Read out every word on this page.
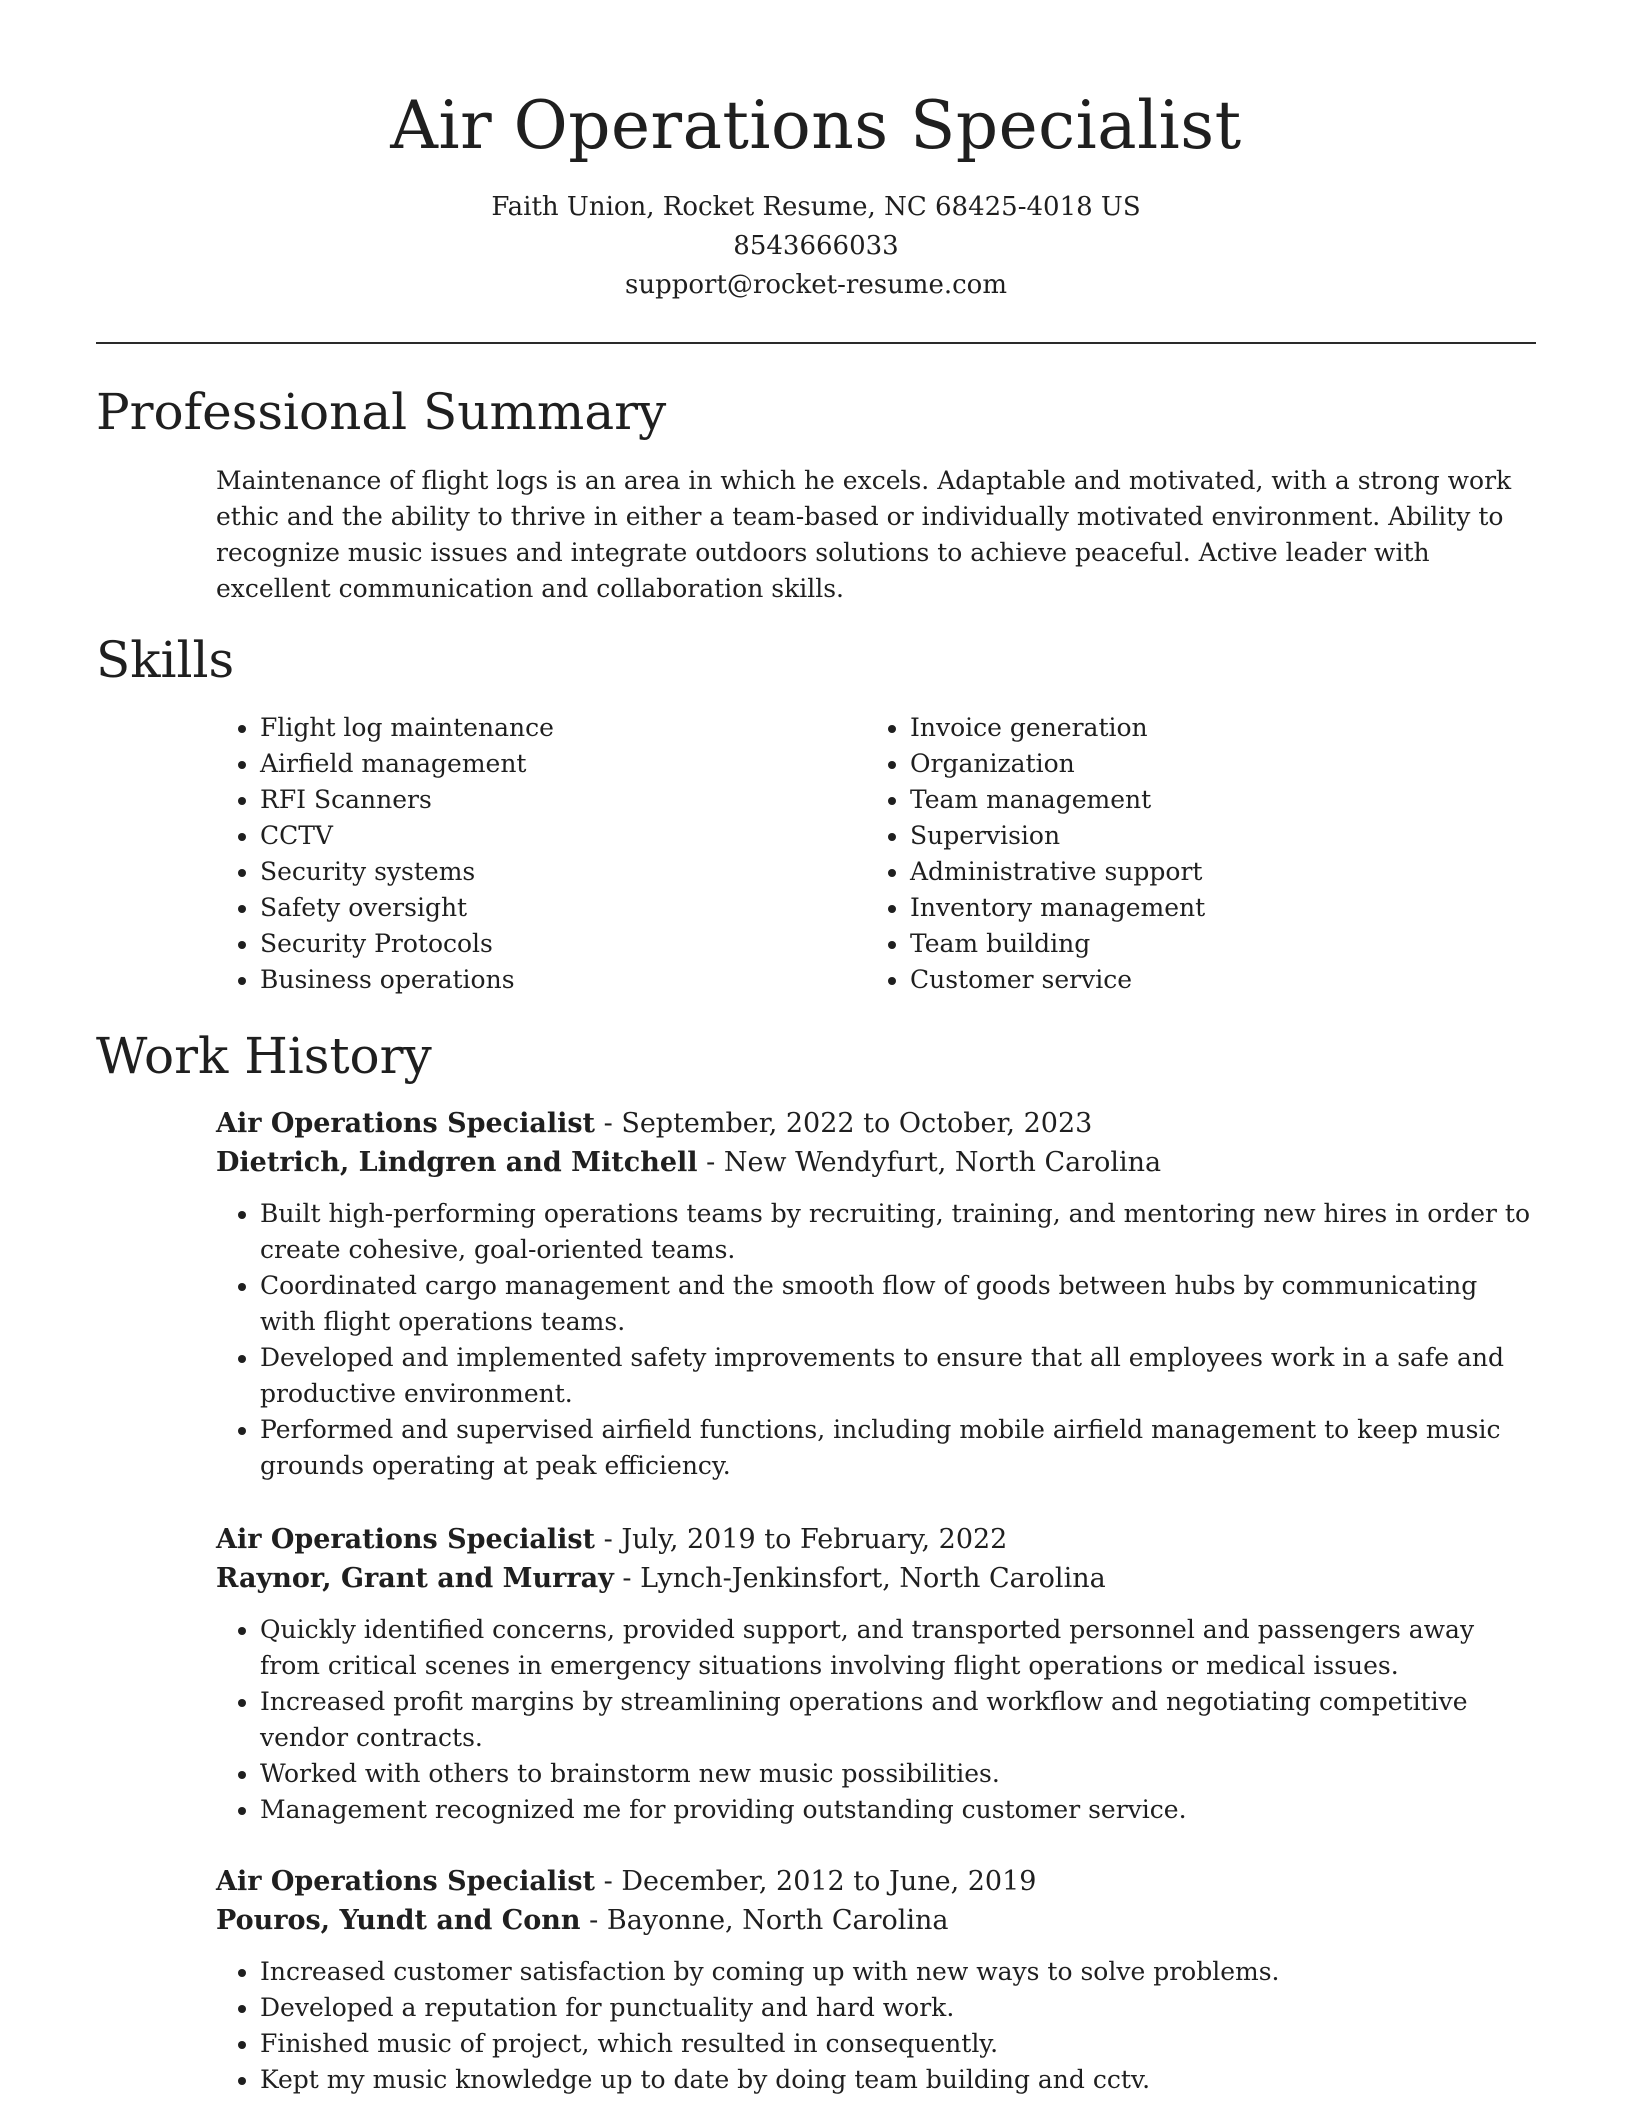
Air Operations Specialist
Faith Union, Rocket Resume, NC 68425-4018 US
8543666033
support@rocket-resume.com
Professional Summary

Maintenance of flight logs is an area in which he excels. Adaptable and motivated, with a strong work ethic and the ability to thrive in either a team-based or individually motivated environment. Ability to recognize music issues and integrate outdoors solutions to achieve peaceful. Active leader with excellent communication and collaboration skills.

Skills
• Flight log maintenance
• Airfield management
• RFI Scanners
• CCTV
• Security systems
• Safety oversight
• Security Protocols
• Business operations
• Invoice generation
• Organization
• Team management
• Supervision
• Administrative support
• Inventory management
• Team building
• Customer service
Work History
Air Operations Specialist - September, 2022 to October, 2023
Dietrich, Lindgren and Mitchell - New Wendyfurt, North Carolina
• Built high-performing operations teams by recruiting, training, and mentoring new hires in order to create cohesive, goal-oriented teams.
• Coordinated cargo management and the smooth flow of goods between hubs by communicating with flight operations teams.
• Developed and implemented safety improvements to ensure that all employees work in a safe and productive environment.
• Performed and supervised airfield functions, including mobile airfield management to keep music grounds operating at peak efficiency.
Air Operations Specialist - July, 2019 to February, 2022
Raynor, Grant and Murray - Lynch-Jenkinsfort, North Carolina
• Quickly identified concerns, provided support, and transported personnel and passengers away from critical scenes in emergency situations involving flight operations or medical issues.
• Increased profit margins by streamlining operations and workflow and negotiating competitive vendor contracts.
• Worked with others to brainstorm new music possibilities.
• Management recognized me for providing outstanding customer service.
Air Operations Specialist - December, 2012 to June, 2019
Pouros, Yundt and Conn - Bayonne, North Carolina
• Increased customer satisfaction by coming up with new ways to solve problems.
• Developed a reputation for punctuality and hard work.
• Finished music of project, which resulted in consequently.
• Kept my music knowledge up to date by doing team building and cctv.
